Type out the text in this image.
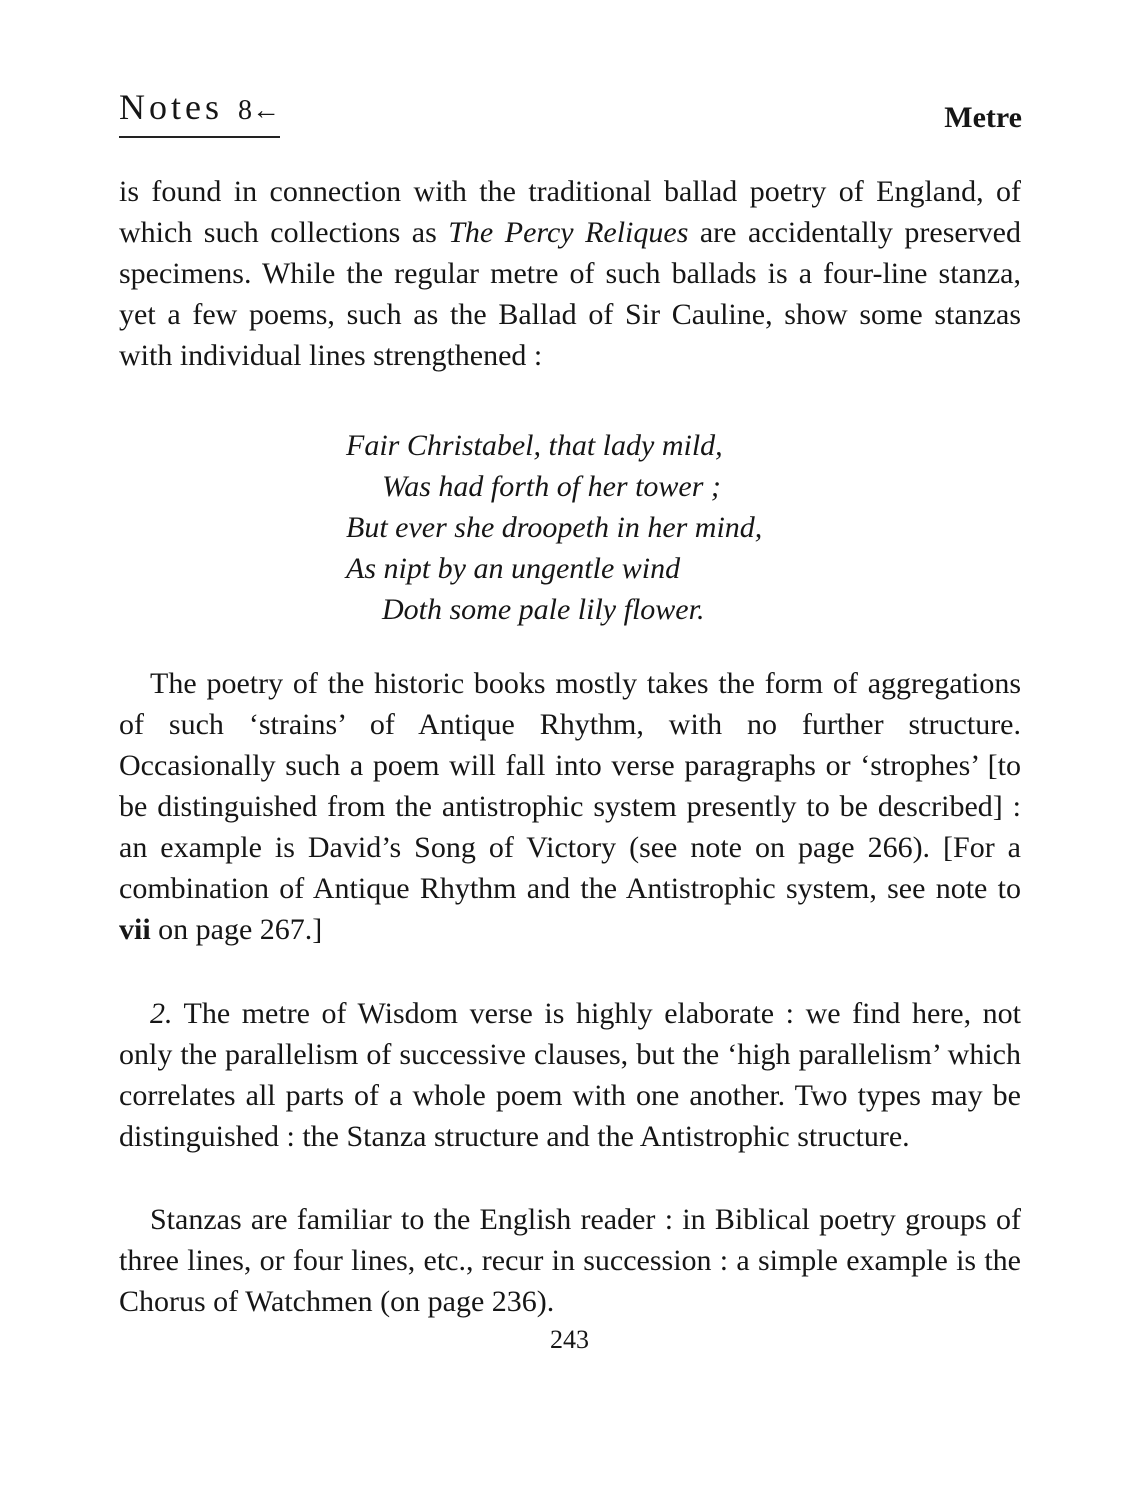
Notes 8←	Metre
is found in connection with the traditional ballad poetry of England, of which such collections as The Percy Reliques are accidentally preserved specimens. While the regular metre of such ballads is a four-line stanza, yet a few poems, such as the Ballad of Sir Cauline, show some stanzas with individual lines strengthened :
Fair Christabel, that lady mild,
Was had forth of her tower ;
But ever she droopeth in her mind,
As nipt by an ungentle wind
Doth some pale lily flower.
The poetry of the historic books mostly takes the form of aggregations of such ‘strains’ of Antique Rhythm, with no further structure. Occasionally such a poem will fall into verse paragraphs or ‘strophes’ [to be distinguished from the antistrophic system presently to be described] : an example is David’s Song of Victory (see note on page 266). [For a combination of Antique Rhythm and the Antistrophic system, see note to vii on page 267.]
2. The metre of Wisdom verse is highly elaborate : we find here, not only the parallelism of successive clauses, but the ‘high parallelism’ which correlates all parts of a whole poem with one another. Two types may be distinguished : the Stanza structure and the Antistrophic structure.
Stanzas are familiar to the English reader : in Biblical poetry groups of three lines, or four lines, etc., recur in succession : a simple example is the Chorus of Watchmen (on page 236).
243
